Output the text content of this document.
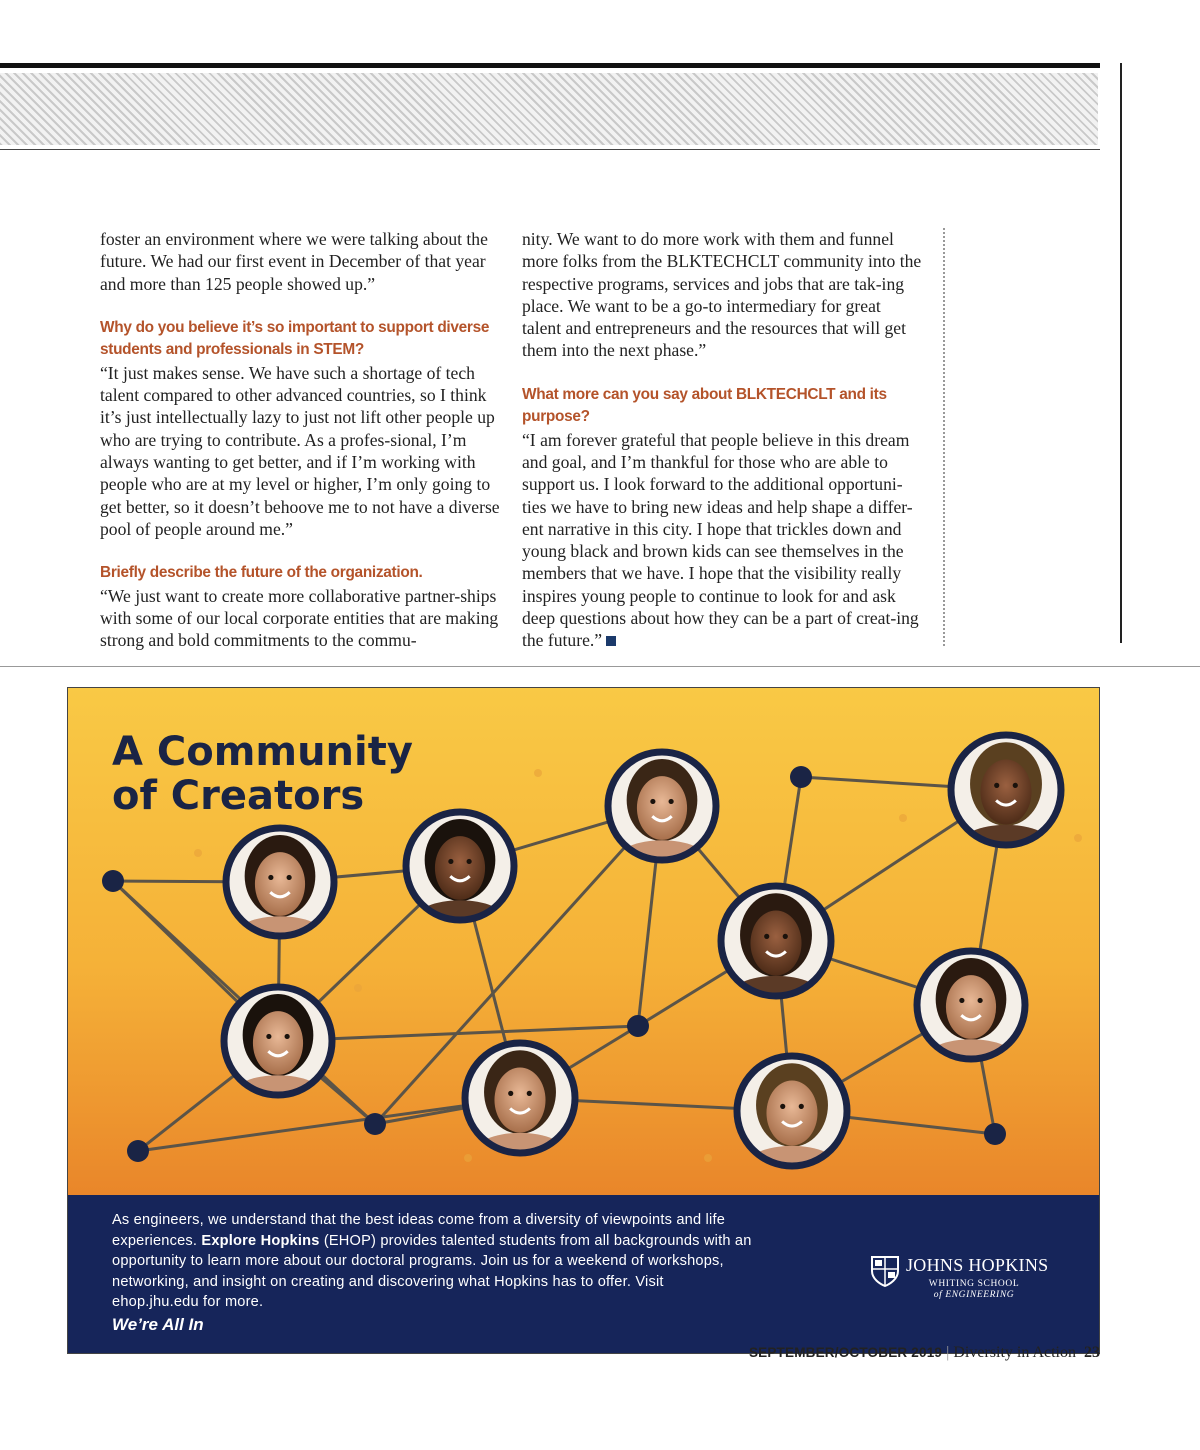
foster an environment where we were talking about the future. We had our first event in December of that year and more than 125 people showed up.”

Why do you believe it’s so important to support diverse students and professionals in STEM?

“It just makes sense. We have such a shortage of tech talent compared to other advanced countries, so I think it’s just intellectually lazy to just not lift other people up who are trying to contribute. As a profes-sional, I’m always wanting to get better, and if I’m working with people who are at my level or higher, I’m only going to get better, so it doesn’t behoove me to not have a diverse pool of people around me.”

Briefly describe the future of the organization.

“We just want to create more collaborative partner-ships with some of our local corporate entities that are making strong and bold commitments to the commu-

nity. We want to do more work with them and funnel more folks from the BLKTECHCLT community into the respective programs, services and jobs that are tak-ing place. We want to be a go-to intermediary for great talent and entrepreneurs and the resources that will get them into the next phase.”

What more can you say about BLKTECHCLT and its purpose?

“I am forever grateful that people believe in this dream and goal, and I’m thankful for those who are able to support us. I look forward to the additional opportuni-ties we have to bring new ideas and help shape a differ-ent narrative in this city. I hope that trickles down and young black and brown kids can see themselves in the members that we have. I hope that the visibility really inspires young people to continue to look for and ask deep questions about how they can be a part of creat-ing the future.”

A Community
of Creators

As engineers, we understand that the best ideas come from a diversity of viewpoints and life experiences. Explore Hopkins (EHOP) provides talented students from all backgrounds with an opportunity to learn more about our doctoral programs. Join us for a weekend of workshops, networking, and insight on creating and discovering what Hopkins has to offer. Visit ehop.jhu.edu for more.

We’re All In

JOHNS HOPKINS
WHITING SCHOOL
of ENGINEERING
SEPTEMBER/OCTOBER 2019 | Diversity in Action 23
